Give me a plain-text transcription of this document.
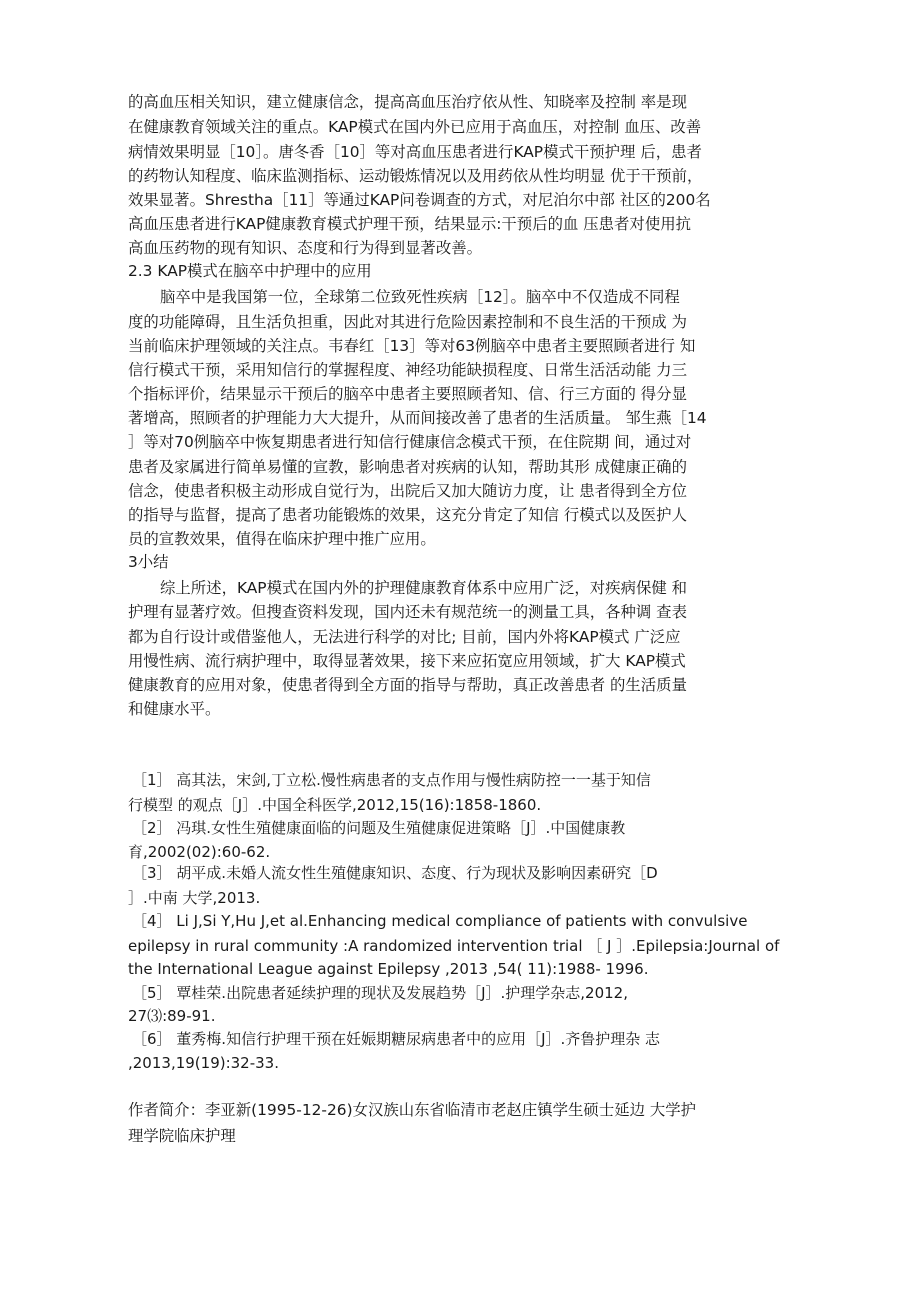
的高血压相关知识，建立健康信念，提高高血压治疗依从性、知晓率及控制 率是现
在健康教育领域关注的重点。KAP模式在国内外已应用于高血压，对控制 血压、改善
病情效果明显［10］。唐冬香［10］等对高血压患者进行KAP模式干预护理 后，患者
的药物认知程度、临床监测指标、运动锻炼情况以及用药依从性均明显 优于干预前，
效果显著。Shrestha［11］等通过KAP问卷调查的方式，对尼泊尔中部 社区的200名
高血压患者进行KAP健康教育模式护理干预，结果显示:干预后的血 压患者对使用抗
高血压药物的现有知识、态度和行为得到显著改善。
2.3 KAP模式在脑卒中护理中的应用
脑卒中是我国第一位，全球第二位致死性疾病［12］。脑卒中不仅造成不同程
度的功能障碍，且生活负担重，因此对其进行危险因素控制和不良生活的干预成 为
当前临床护理领域的关注点。韦春红［13］等对63例脑卒中患者主要照顾者进行 知
信行模式干预，采用知信行的掌握程度、神经功能缺损程度、日常生活活动能 力三
个指标评价，结果显示干预后的脑卒中患者主要照顾者知、信、行三方面的 得分显
著增高，照顾者的护理能力大大提升，从而间接改善了患者的生活质量。 邹生燕［14
］等对70例脑卒中恢复期患者进行知信行健康信念模式干预，在住院期 间，通过对
患者及家属进行简单易懂的宣教，影响患者对疾病的认知，帮助其形 成健康正确的
信念，使患者积极主动形成自觉行为，出院后又加大随访力度，让 患者得到全方位
的指导与监督，提高了患者功能锻炼的效果，这充分肯定了知信 行模式以及医护人
员的宣教效果，值得在临床护理中推广应用。
3小结
综上所述，KAP模式在国内外的护理健康教育体系中应用广泛，对疾病保健 和
护理有显著疗效。但搜查资料发现，国内还未有规范统一的测量工具，各种调 查表
都为自行设计或借鉴他人，无法进行科学的对比; 目前，国内外将KAP模式 广泛应
用慢性病、流行病护理中，取得显著效果，接下来应拓宽应用领域，扩大 KAP模式
健康教育的应用对象，使患者得到全方面的指导与帮助，真正改善患者 的生活质量
和健康水平。
［1］ 高其法，宋剑,丁立松.慢性病患者的支点作用与慢性病防控一一基于知信
行模型 的观点［J］.中国全科医学,2012,15(16):1858-1860.
［2］ 冯琪.女性生殖健康面临的问题及生殖健康促进策略［J］.中国健康教
育,2002(02):60-62.
［3］ 胡平成.未婚人流女性生殖健康知识、态度、行为现状及影响因素研究［D
］.中南 大学,2013.
［4］ Li J,Si Y,Hu J,et al.Enhancing medical compliance of patients with convulsive
epilepsy in rural community :A randomized intervention trial ［ J ］.Epilepsia:Journal of
the International League against Epilepsy ,2013 ,54( 11):1988- 1996.
［5］ 覃桂荣.出院患者延续护理的现状及发展趋势［J］.护理学杂志,2012,
27⑶:89-91.
［6］ 董秀梅.知信行护理干预在妊娠期糖尿病患者中的应用［J］.齐鲁护理杂 志
,2013,19(19):32-33.
作者简介：李亚新(1995-12-26)女汉族山东省临清市老赵庄镇学生硕士延边 大学护
理学院临床护理
